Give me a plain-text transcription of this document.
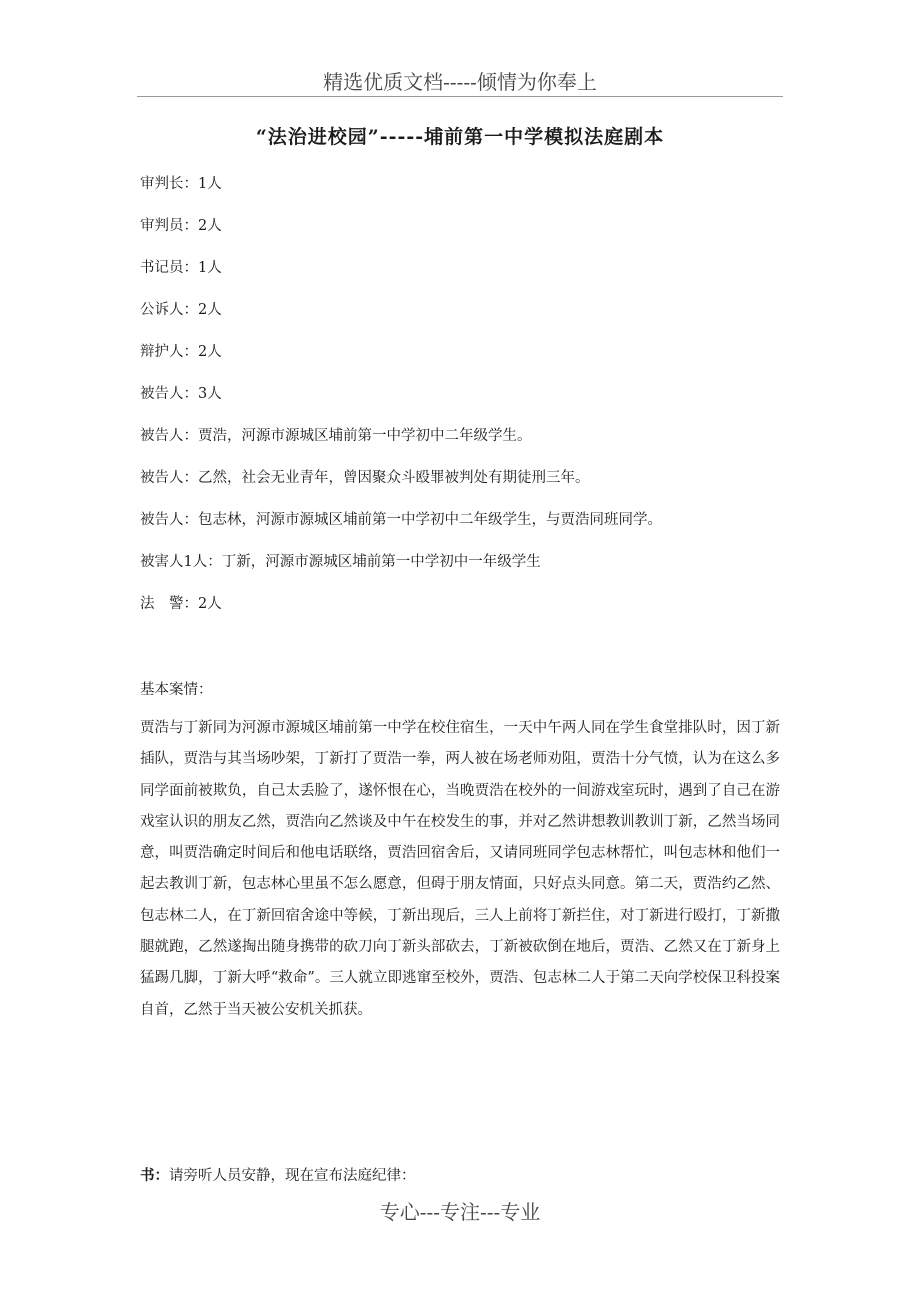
精选优质文档-----倾情为你奉上
“法治进校园”-----埔前第一中学模拟法庭剧本
审判长：1人
审判员：2人
书记员：1人
公诉人：2人
辩护人：2人
被告人：3人
被告人：贾浩，河源市源城区埔前第一中学初中二年级学生。
被告人：乙然，社会无业青年，曾因聚众斗殴罪被判处有期徒刑三年。
被告人：包志林，河源市源城区埔前第一中学初中二年级学生，与贾浩同班同学。
被害人1人：丁新，河源市源城区埔前第一中学初中一年级学生
法　警：2人
基本案情：
贾浩与丁新同为河源市源城区埔前第一中学在校住宿生，一天中午两人同在学生食堂排队时，因丁新插队，贾浩与其当场吵架，丁新打了贾浩一拳，两人被在场老师劝阻，贾浩十分气愤，认为在这么多同学面前被欺负，自己太丢脸了，遂怀恨在心，当晚贾浩在校外的一间游戏室玩时，遇到了自己在游戏室认识的朋友乙然，贾浩向乙然谈及中午在校发生的事，并对乙然讲想教训教训丁新，乙然当场同意，叫贾浩确定时间后和他电话联络，贾浩回宿舍后，又请同班同学包志林帮忙，叫包志林和他们一起去教训丁新，包志林心里虽不怎么愿意，但碍于朋友情面，只好点头同意。第二天，贾浩约乙然、包志林二人，在丁新回宿舍途中等候，丁新出现后，三人上前将丁新拦住，对丁新进行殴打，丁新撒腿就跑，乙然遂掏出随身携带的砍刀向丁新头部砍去，丁新被砍倒在地后，贾浩、乙然又在丁新身上猛踢几脚，丁新大呼“救命”。三人就立即逃窜至校外，贾浩、包志林二人于第二天向学校保卫科投案自首，乙然于当天被公安机关抓获。
书：请旁听人员安静，现在宣布法庭纪律：
专心---专注---专业
